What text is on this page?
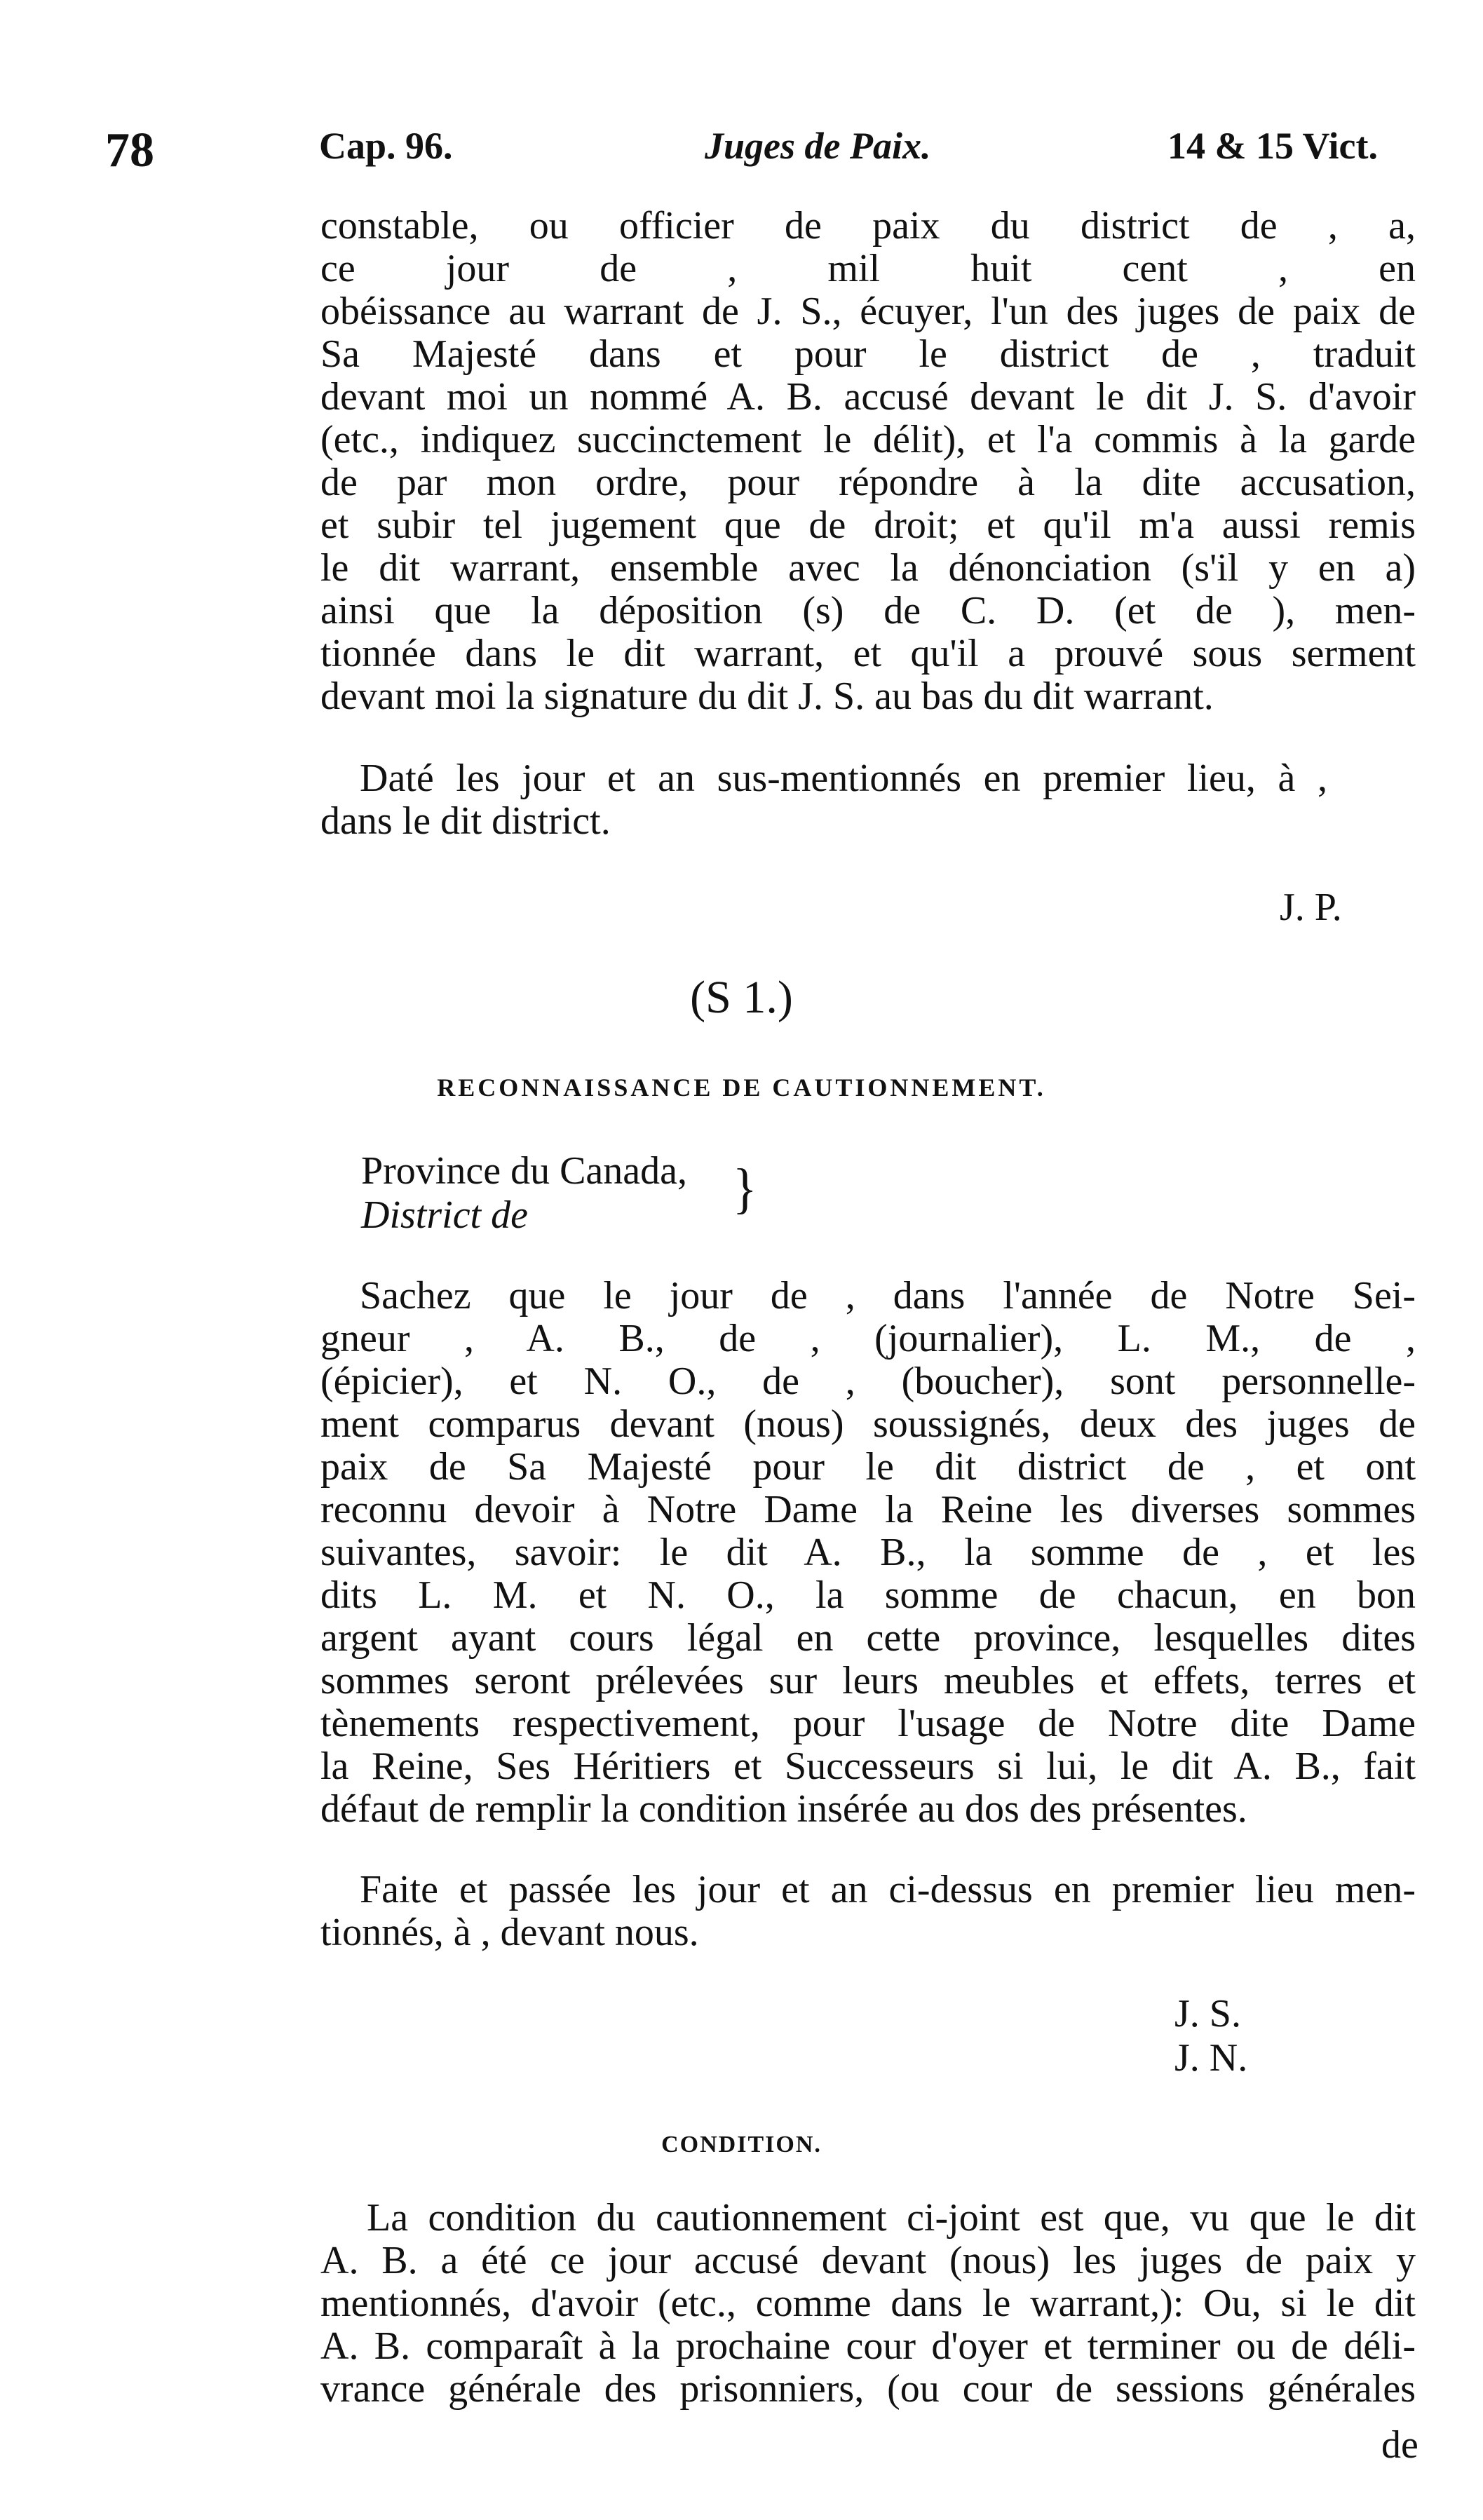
78	Cap. 96.	Juges de Paix.	14 & 15 Vict.
constable, ou officier de paix du district de , a,
ce jour de , mil huit cent , en
obéissance au warrant de J. S., écuyer, l'un des juges de paix de
Sa Majesté dans et pour le district de , traduit
devant moi un nommé A. B. accusé devant le dit J. S. d'avoir
(etc., indiquez succinctement le délit), et l'a commis à la garde
de par mon ordre, pour répondre à la dite accusation,
et subir tel jugement que de droit; et qu'il m'a aussi remis
le dit warrant, ensemble avec la dénonciation (s'il y en a)
ainsi que la déposition (s) de C. D. (et de ), men-
tionnée dans le dit warrant, et qu'il a prouvé sous serment
devant moi la signature du dit J. S. au bas du dit warrant.
Daté les jour et an sus-mentionnés en premier lieu, à ,
dans le dit district.
J. P.
(S 1.)
RECONNAISSANCE DE CAUTIONNEMENT.
Province du Canada,
District de	}
Sachez que le jour de , dans l'année de Notre Sei-
gneur , A. B., de , (journalier), L. M., de ,
(épicier), et N. O., de , (boucher), sont personnelle-
ment comparus devant (nous) soussignés, deux des juges de
paix de Sa Majesté pour le dit district de , et ont
reconnu devoir à Notre Dame la Reine les diverses sommes
suivantes, savoir: le dit A. B., la somme de , et les
dits L. M. et N. O., la somme de chacun, en bon
argent ayant cours légal en cette province, lesquelles dites
sommes seront prélevées sur leurs meubles et effets, terres et
tènements respectivement, pour l'usage de Notre dite Dame
la Reine, Ses Héritiers et Successeurs si lui, le dit A. B., fait
défaut de remplir la condition insérée au dos des présentes.
Faite et passée les jour et an ci-dessus en premier lieu men-
tionnés, à , devant nous.
J. S.
J. N.
CONDITION.
La condition du cautionnement ci-joint est que, vu que le dit
A. B. a été ce jour accusé devant (nous) les juges de paix y
mentionnés, d'avoir (etc., comme dans le warrant,): Ou, si le dit
A. B. comparaît à la prochaine cour d'oyer et terminer ou de déli-
vrance générale des prisonniers, (ou cour de sessions générales
de
